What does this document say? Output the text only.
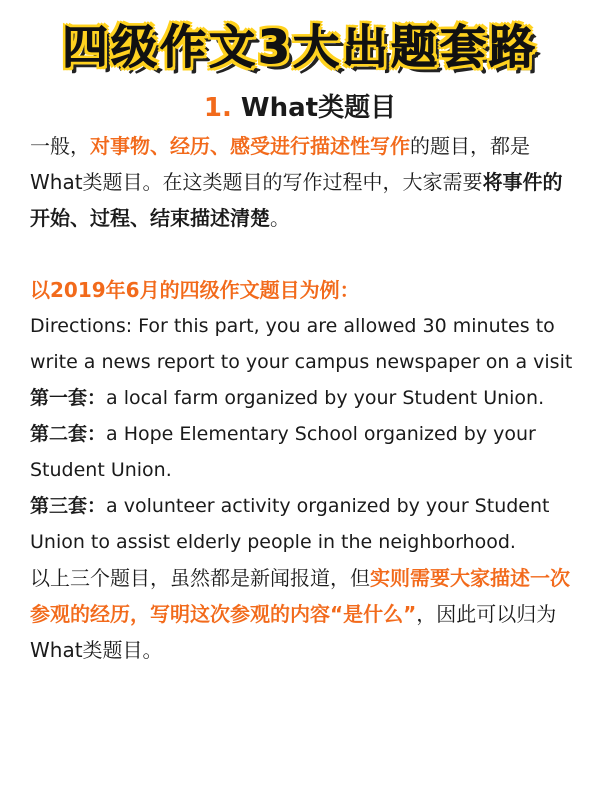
四级作文3大出题套路
1. What类题目

一般，对事物、经历、感受进行描述性写作的题目，都是What类题目。在这类题目的写作过程中，大家需要将事件的开始、过程、结束描述清楚。

以2019年6月的四级作文题目为例：

Directions: For this part, you are allowed 30 minutes to write a news report to your campus newspaper on a visit

第一套：a local farm organized by your Student Union.

第二套：a Hope Elementary School organized by your Student Union.

第三套：a volunteer activity organized by your Student Union to assist elderly people in the neighborhood.

以上三个题目，虽然都是新闻报道，但实则需要大家描述一次参观的经历，写明这次参观的内容“是什么”，因此可以归为What类题目。
